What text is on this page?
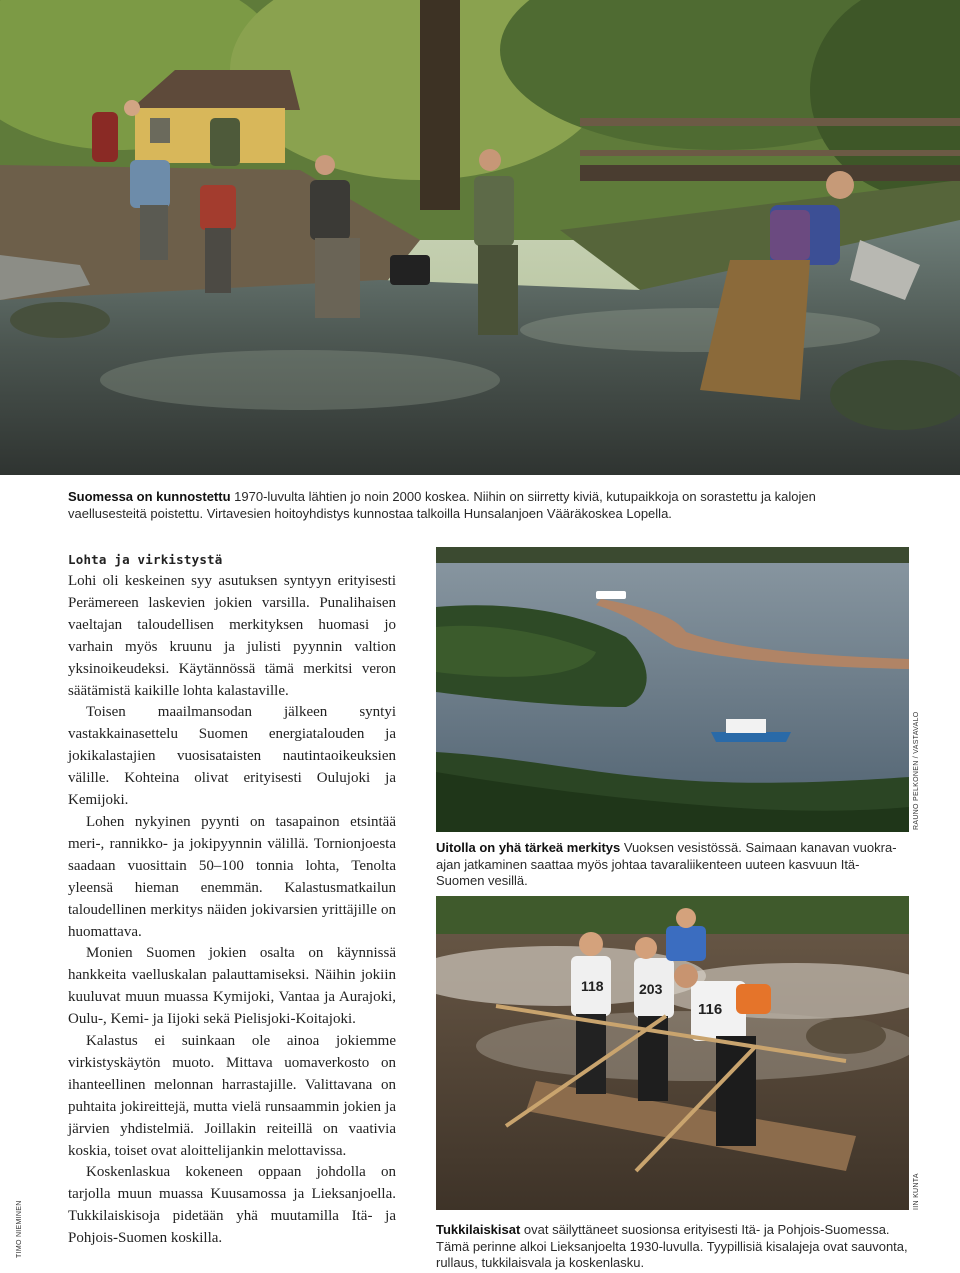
Suomessa on kunnostettu 1970-luvulta lähtien jo noin 2000 koskea. Niihin on siirretty kiviä, kutupaikkoja on sorastettu ja kalojen vaellusesteitä poistettu. Virtavesien hoitoyhdistys kunnostaa talkoilla Hunsalanjoen Vääräkoskea Lopella.
Lohta ja virkistystä

Lohi oli keskeinen syy asutuksen syntyyn erityisesti Perämereen laskevien jokien varsilla. Punalihaisen vaeltajan taloudellisen merkityksen huomasi jo varhain myös kruunu ja julisti pyynnin valtion yksinoikeudeksi. Käytännössä tämä merkitsi veron säätämistä kaikille lohta kalastaville.

Toisen maailmansodan jälkeen syntyi vastakkainasettelu Suomen energiatalouden ja jokikalastajien vuosisataisten nautintaoikeuksien välille. Kohteina olivat erityisesti Oulujoki ja Kemijoki.

Lohen nykyinen pyynti on tasapainon etsintää meri-, rannikko- ja jokipyynnin välillä. Tornionjoesta saadaan vuosittain 50–100 tonnia lohta, Tenolta yleensä hieman enemmän. Kalastusmatkailun taloudellinen merkitys näiden jokivarsien yrittäjille on huomattava.

Monien Suomen jokien osalta on käynnissä hankkeita vaelluskalan palauttamiseksi. Näihin jokiin kuuluvat muun muassa Kymijoki, Vantaa ja Aurajoki, Oulu-, Kemi- ja Iijoki sekä Pielisjoki-Koitajoki.

Kalastus ei suinkaan ole ainoa jokiemme virkistyskäytön muoto. Mittava uomaverkosto on ihanteellinen melonnan harrastajille. Valittavana on puhtaita jokireittejä, mutta vielä runsaammin jokien ja järvien yhdistelmiä. Joillakin reiteillä on vaativia koskia, toiset ovat aloittelijankin melottavissa.

Koskenlaskua kokeneen oppaan johdolla on tarjolla muun muassa Kuusamossa ja Lieksanjoella. Tukkilaiskisoja pidetään yhä muutamilla Itä- ja Pohjois-Suomen koskilla.

Uitolla on yhä tärkeä merkitys Vuoksen vesistössä. Saimaan kanavan vuokra-ajan jatkaminen saattaa myös johtaa tavaraliikenteen uuteen kasvuun Itä-Suomen vesillä.
118	203
116
Tukkilaiskisat ovat säilyttäneet suosionsa erityisesti Itä- ja Pohjois-Suomessa. Tämä perinne alkoi Lieksanjoelta 1930-luvulla. Tyypillisiä kisalajeja ovat sauvonta, rullaus, tukkilaisvala ja koskenlasku.
RAUNO PELKONEN / VASTAVALO
IIN KUNTA
TIMO NIEMINEN
